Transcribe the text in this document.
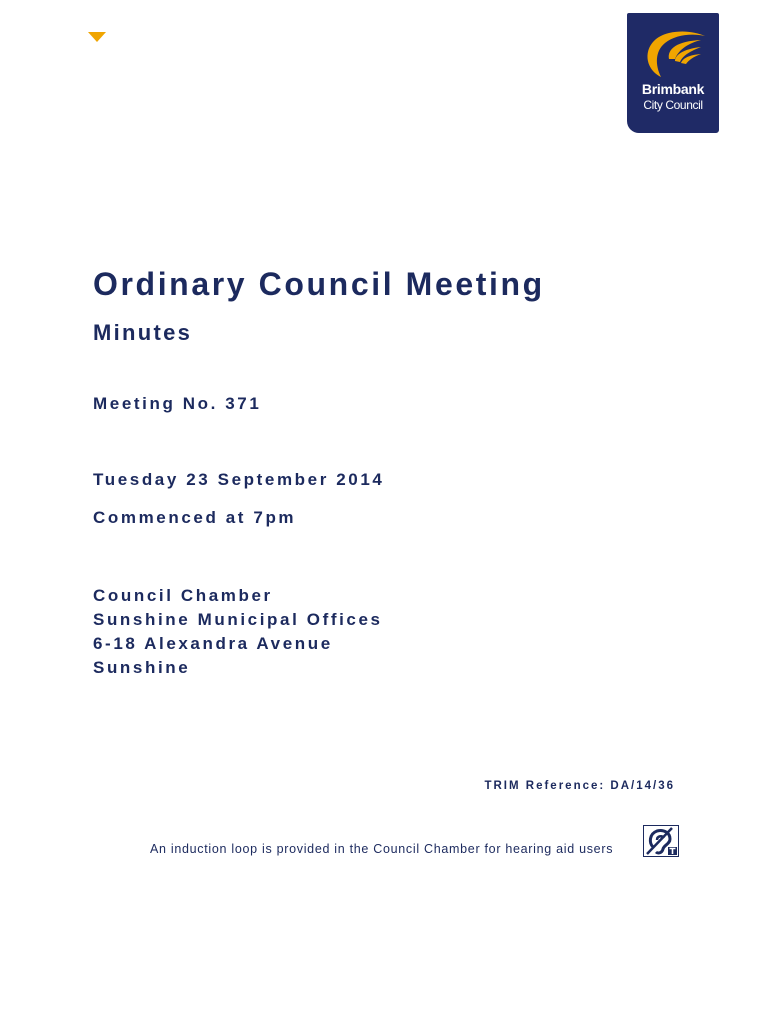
Brimbank
City Council
Ordinary Council Meeting
Minutes
Meeting No. 371
Tuesday 23 September 2014
Commenced at 7pm
Council Chamber
Sunshine Municipal Offices
6-18 Alexandra Avenue
Sunshine
TRIM Reference: DA/14/36
An induction loop is provided in the Council Chamber for hearing aid users
